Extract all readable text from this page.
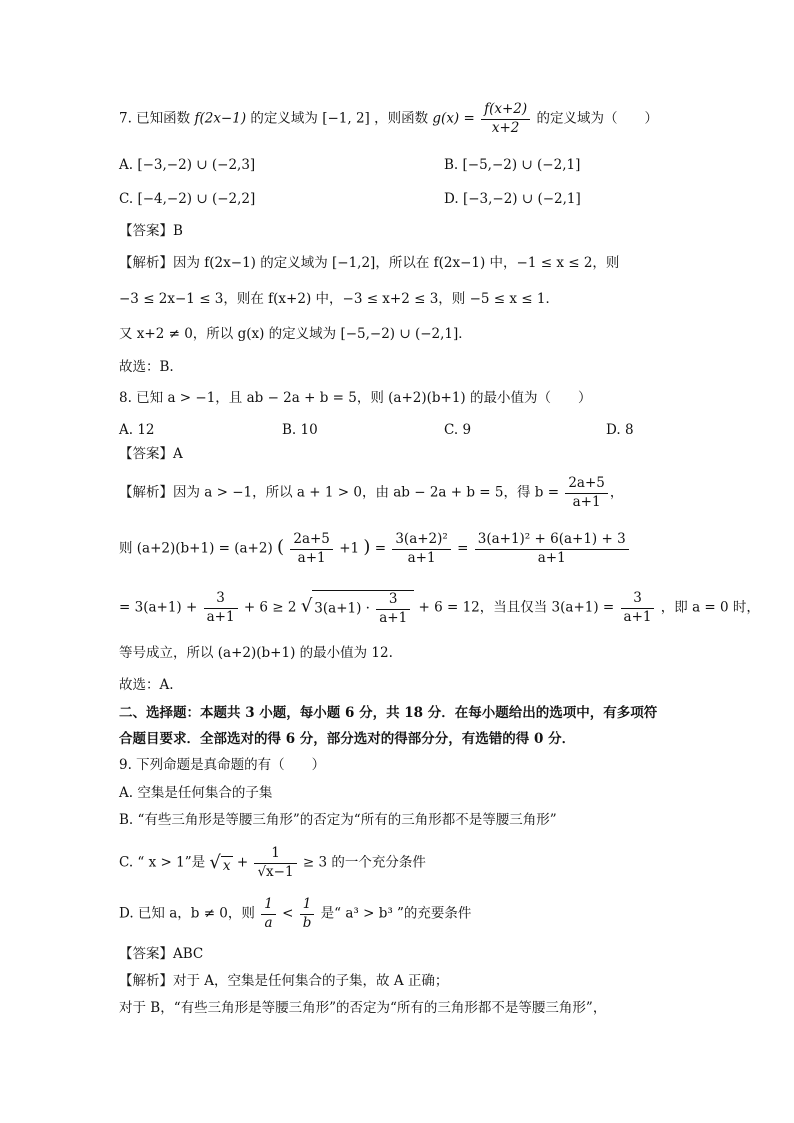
7. 已知函数 f(2x−1) 的定义域为 [−1, 2] ，则函数 $g(x) = \frac{f(x+2)}{x+2}$ 的定义域为（　　）
A. [−3,−2) ∪ (−2,3]	B. [−5,−2) ∪ (−2,1]
C. [−4,−2) ∪ (−2,2]	D. [−3,−2) ∪ (−2,1]
【答案】B
【解析】因为 f(2x−1) 的定义域为 [−1,2]，所以在 f(2x−1) 中，−1 ≤ x ≤ 2，则
−3 ≤ 2x−1 ≤ 3，则在 f(x+2) 中，−3 ≤ x+2 ≤ 3，则 −5 ≤ x ≤ 1．
又 x+2 ≠ 0，所以 g(x) 的定义域为 [−5,−2) ∪ (−2,1]．
故选：B.
8. 已知 a > −1，且 ab − 2a + b = 5，则 (a+2)(b+1) 的最小值为（　　）
A. 12	B. 10	C. 9	D. 8
【答案】A
【解析】因为 a > −1，所以 a + 1 > 0，由 ab − 2a + b = 5，得 $b = \frac{2a+5}{a+1}$ ，
则 (a+2)(b+1) = (a+2) ( $\frac{2a+5}{a+1} +1$ ) = $\frac{\text{3(a+2)²}}{a+1} = \frac{\text{3(a+1)² + 6(a+1) + 3}}{a+1}$
= $3(a+1) + \frac{3}{a+1} + 6 \ge 2$ √ $3(a+1) \cdot \frac{3}{a+1} + 6 = 12$，当且仅当 $3(a+1) = \frac{3}{a+1}$ ，即 a = 0 时，
等号成立，所以 (a+2)(b+1) 的最小值为 12.
故选：A.
二、选择题：本题共 3 小题，每小题 6 分，共 18 分．在每小题给出的选项中，有多项符
合题目要求．全部选对的得 6 分，部分选对的得部分分，有选错的得 0 分．
9. 下列命题是真命题的有（　　）
A. 空集是任何集合的子集
B. “有些三角形是等腰三角形”的否定为“所有的三角形都不是等腰三角形”
C. “ x > 1”是 √ $x + \frac{1}{√x-1} \ge 3$ 的一个充分条件
D. 已知 a，b ≠ 0，则 $\frac{1}{a} < \frac{1}{b}$ 是“ a³ > b³ ”的充要条件
【答案】ABC
【解析】对于 A，空集是任何集合的子集，故 A 正确；
对于 B，“有些三角形是等腰三角形”的否定为“所有的三角形都不是等腰三角形”，
